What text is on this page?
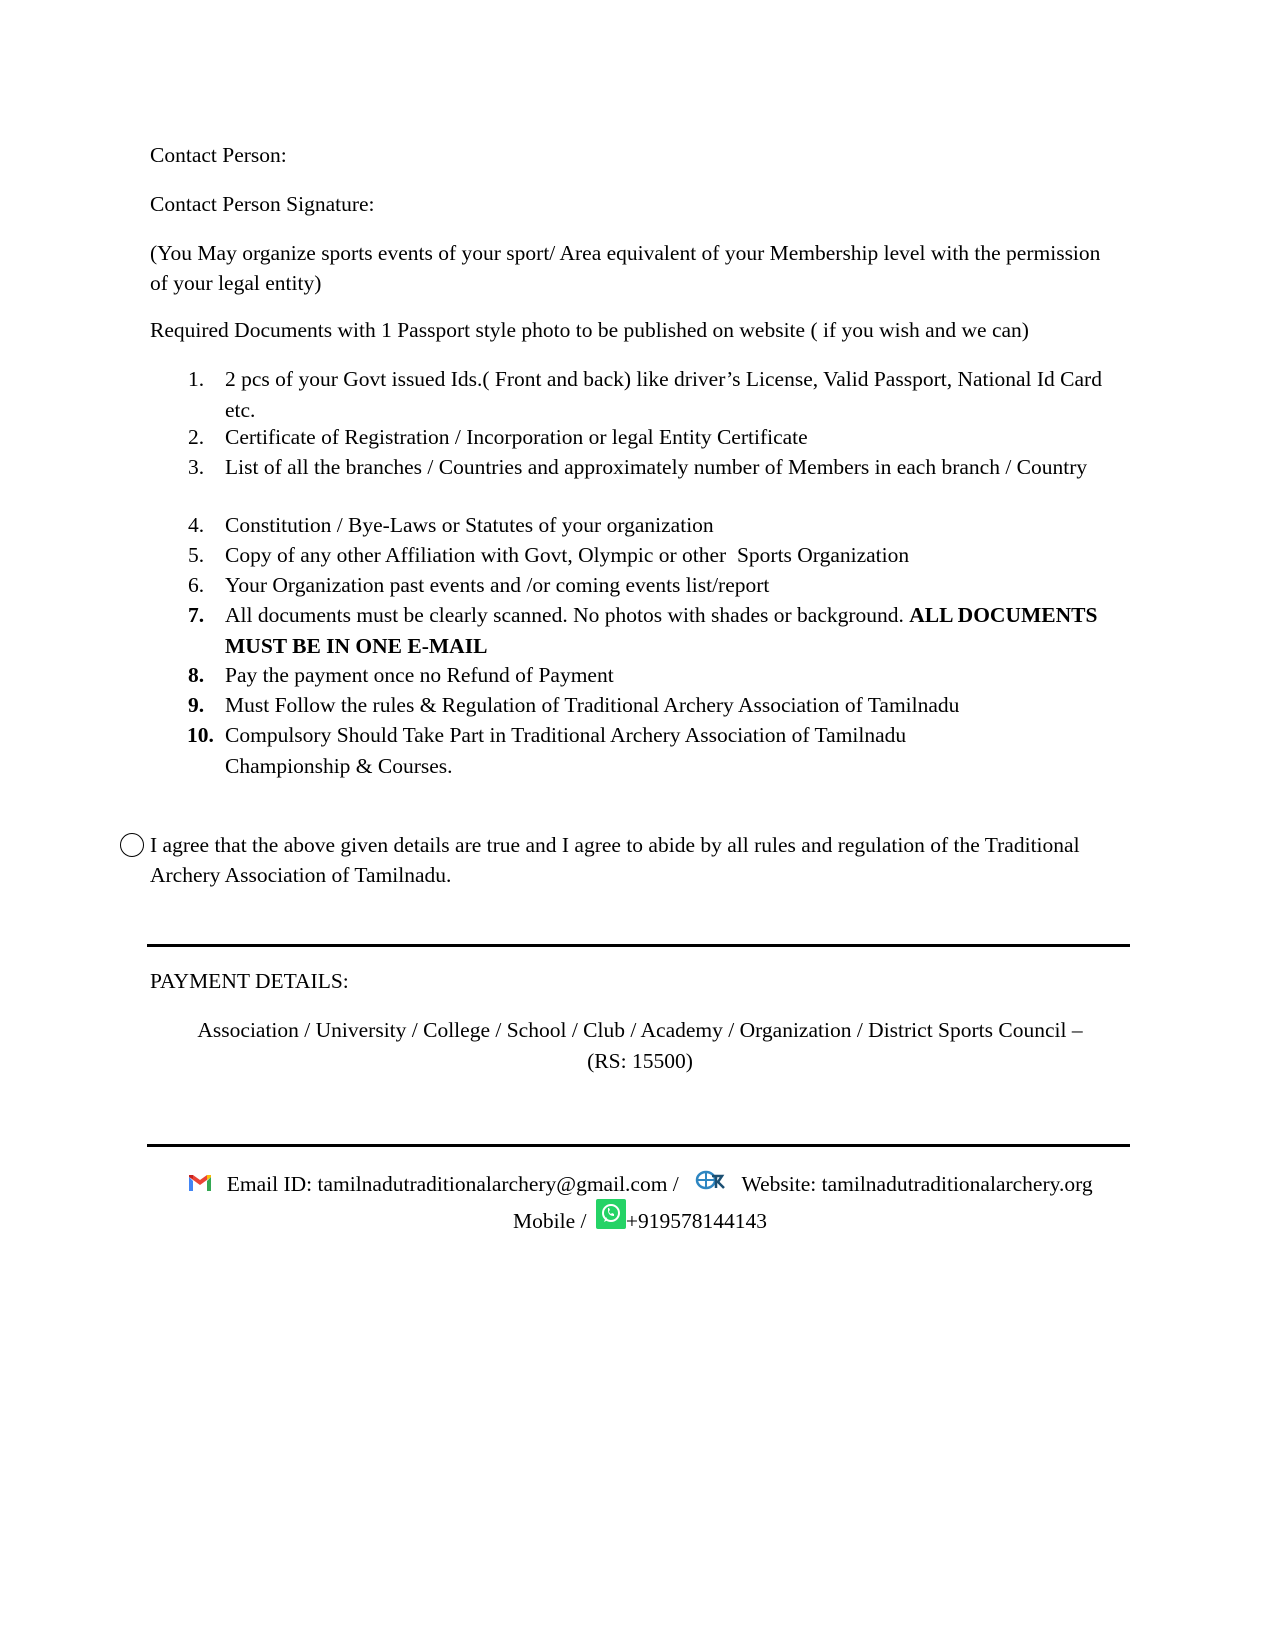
Contact Person:
Contact Person Signature:

(You May organize sports events of your sport/ Area equivalent of your Membership level with the permission of your legal entity)

Required Documents with 1 Passport style photo to be published on website ( if you wish and we can)
1. 2 pcs of your Govt issued Ids.( Front and back) like driver’s License, Valid Passport, National Id Card etc.
2. Certificate of Registration / Incorporation or legal Entity Certificate
3. List of all the branches / Countries and approximately number of Members in each branch / Country
4. Constitution / Bye-Laws or Statutes of your organization
5. Copy of any other Affiliation with Govt, Olympic or other  Sports Organization
6. Your Organization past events and /or coming events list/report
7. All documents must be clearly scanned. No photos with shades or background. ALL DOCUMENTS MUST BE IN ONE E-MAIL
8. Pay the payment once no Refund of Payment
9. Must Follow the rules & Regulation of Traditional Archery Association of Tamilnadu
10. Compulsory Should Take Part in Traditional Archery Association of Tamilnadu Championship & Courses.

I agree that the above given details are true and I agree to abide by all rules and regulation of the Traditional Archery Association of Tamilnadu.

PAYMENT DETAILS:
Association / University / College / School / Club / Academy / Organization / District Sports Council –
(RS: 15500)
Email ID: tamilnadutraditionalarchery@gmail.com /	Website: tamilnadutraditionalarchery.org
Mobile / +919578144143
